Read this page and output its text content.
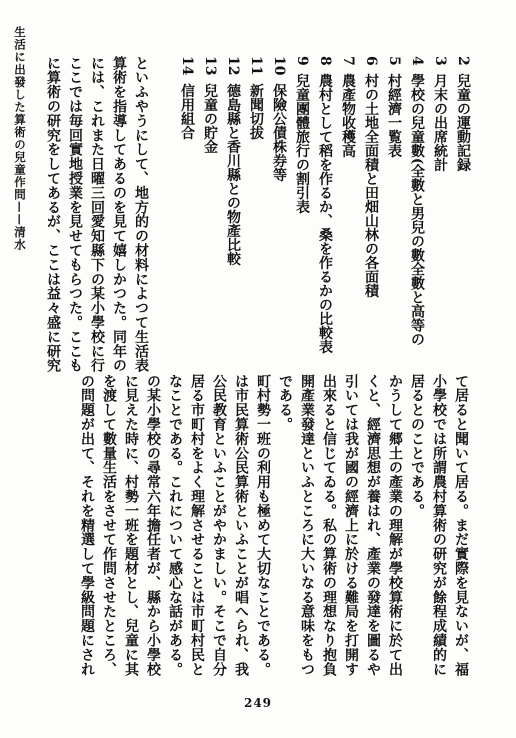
生活に出發した算術の兒童作問——清水	2兒童の運動記録
3月末の出席統計
4學校の兒童數(全數と男兒の數全數と高等の
5村經濟一覧表
6村の土地全面積と田畑山林の各面積
7農產物收穫高
8農村として稻を作るか、桑を作るかの比較表
9兒童團體旅行の割引表
10保險公債株券等
11新聞切拔
12德島縣と香川縣との物產比較
13兒童の貯金
14信用組合
といふやうにして、地方的の材料によつて生活表
算術を指導してあるのを見て嬉しかつた。同年の
には、これまた日曜三回愛知縣下の某小學校に行
ここでは毎回實地授業を見せてもらつた。ここも
に算術の研究をしてあるが、ここは益々盛に研究
て居ると聞いて居る。まだ實際を見ないが、福
小學校では所謂農村算術の研究が餘程成績的に
居るとのことである。
かうして郷土の產業の理解が學校算術に於て出
くと、經濟思想が養はれ、產業の發達を圖るや
引いては我が國の經濟上に於ける難局を打開す
出來ると信じてゐる。私の算術の理想なり抱負
開產業發達といふところに大いなる意味をもつ
である。
町村勢一班の利用も極めて大切なことである。
は市民算術公民算術といふことが唱へられ、我
公民教育といふことがやかましい。そこで自分
居る市町村をよく理解させることは市町村民と
なことである。これについて感心な話がある。
の某小學校の尋常六年擔任者が、縣から小學校
に見えた時に、村勢一班を題材とし、兒童に其
を渡して數量生活をさせて作問させたところ、
の問題が出て、それを精選して學級問題にされ
249
